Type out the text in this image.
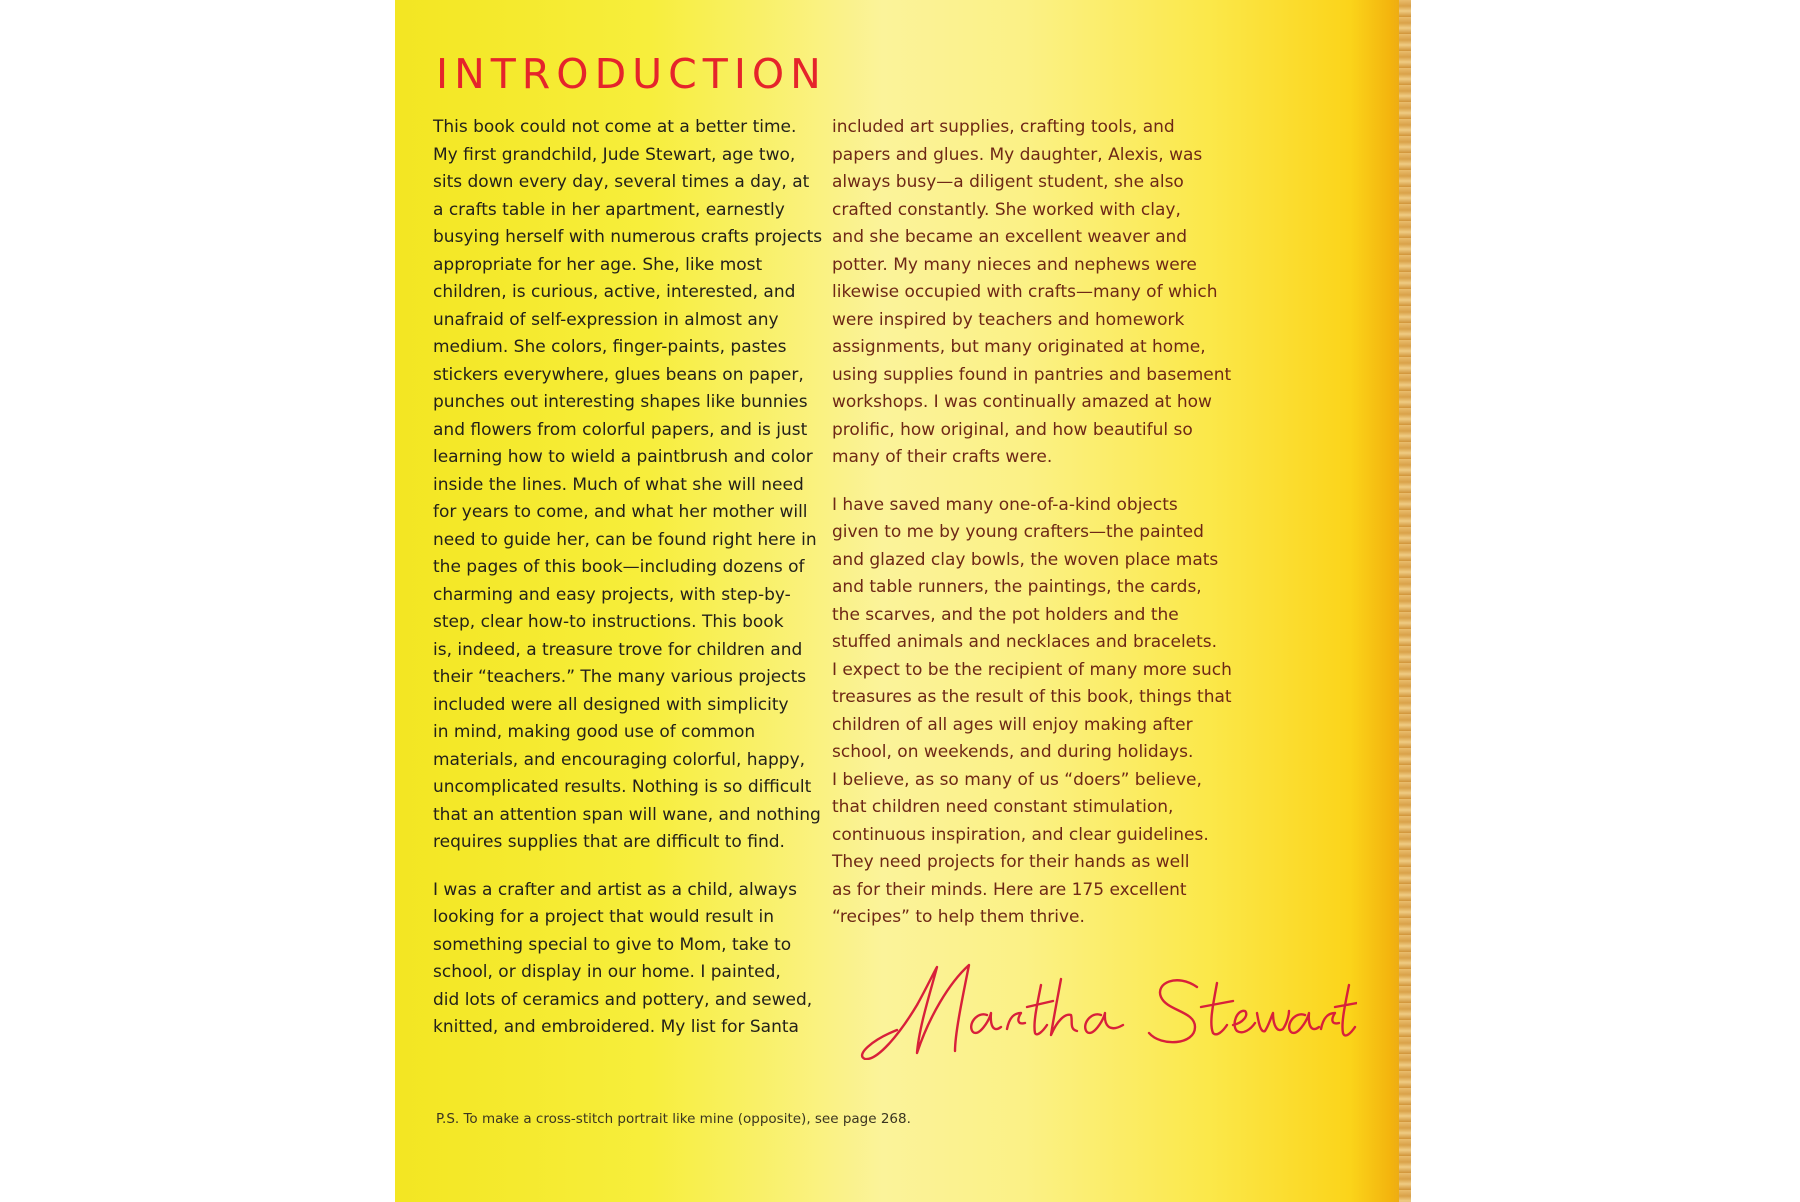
INTRODUCTION

This book could not come at a better time.
My first grandchild, Jude Stewart, age two,
sits down every day, several times a day, at
a crafts table in her apartment, earnestly
busying herself with numerous crafts projects
appropriate for her age. She, like most
children, is curious, active, interested, and
unafraid of self-expression in almost any
medium. She colors, finger-paints, pastes
stickers everywhere, glues beans on paper,
punches out interesting shapes like bunnies
and flowers from colorful papers, and is just
learning how to wield a paintbrush and color
inside the lines. Much of what she will need
for years to come, and what her mother will
need to guide her, can be found right here in
the pages of this book—including dozens of
charming and easy projects, with step-by-
step, clear how-to instructions. This book
is, indeed, a treasure trove for children and
their “teachers.” The many various projects
included were all designed with simplicity
in mind, making good use of common
materials, and encouraging colorful, happy,
uncomplicated results. Nothing is so difficult
that an attention span will wane, and nothing
requires supplies that are difficult to find.

I was a crafter and artist as a child, always
looking for a project that would result in
something special to give to Mom, take to
school, or display in our home. I painted,
did lots of ceramics and pottery, and sewed,
knitted, and embroidered. My list for Santa

included art supplies, crafting tools, and
papers and glues. My daughter, Alexis, was
always busy—a diligent student, she also
crafted constantly. She worked with clay,
and she became an excellent weaver and
potter. My many nieces and nephews were
likewise occupied with crafts—many of which
were inspired by teachers and homework
assignments, but many originated at home,
using supplies found in pantries and basement
workshops. I was continually amazed at how
prolific, how original, and how beautiful so
many of their crafts were.

I have saved many one-of-a-kind objects
given to me by young crafters—the painted
and glazed clay bowls, the woven place mats
and table runners, the paintings, the cards,
the scarves, and the pot holders and the
stuffed animals and necklaces and bracelets.
I expect to be the recipient of many more such
treasures as the result of this book, things that
children of all ages will enjoy making after
school, on weekends, and during holidays.
I believe, as so many of us “doers” believe,
that children need constant stimulation,
continuous inspiration, and clear guidelines.
They need projects for their hands as well
as for their minds. Here are 175 excellent
“recipes” to help them thrive.

P.S. To make a cross-stitch portrait like mine (opposite), see page 268.
